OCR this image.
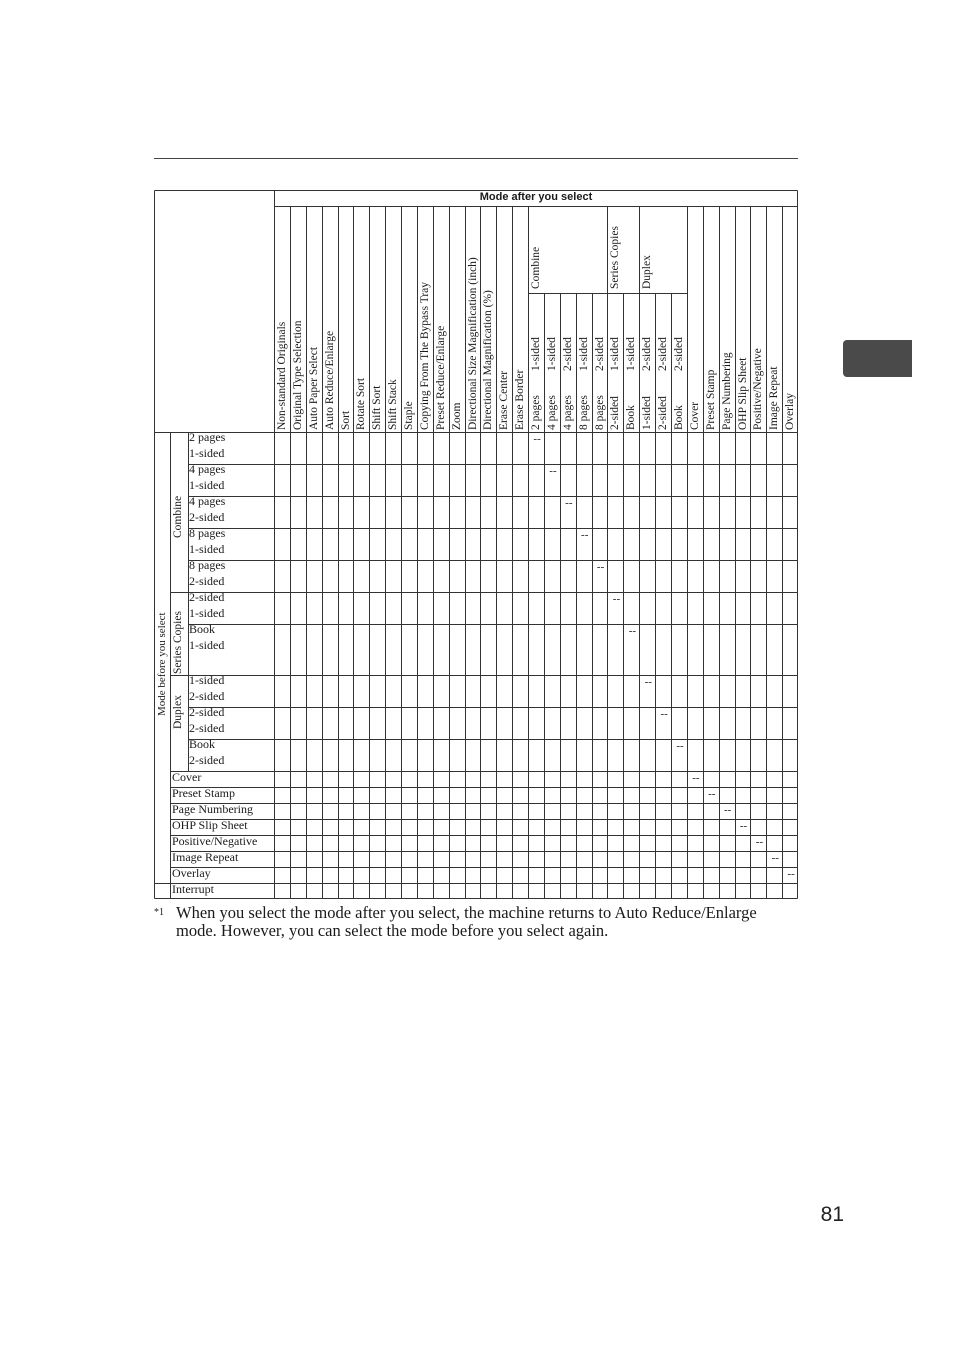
Mode after you select
Non-standard Originals Original Type Selection Auto Paper Select Auto Reduce/Enlarge Sort Rotate Sort Shift Sort Shift Stack Staple Copying From The Bypass Tray Preset Reduce/Enlarge Zoom Directional Size Magnification (inch) Directional Magnification (%) Erase Center Erase Border
Combine	Series Copies Duplex
2 pages
1-sided
4 pages
1-sided
4 pages
2-sided
8 pages
1-sided
8 pages
2-sided
2-sided
1-sided
Book
1-sided
1-sided
2-sided
2-sided
2-sided
Book
2-sided
Cover Preset Stamp Page Numbering OHP Slip Sheet Positive/Negative Image Repeat Overlay
Mode before you select
Combine
Series Copies
Duplex
2 pages
1-sided
4 pages
1-sided
4 pages
2-sided
8 pages
1-sided
8 pages
2-sided
2-sided
1-sided
Book
1-sided
1-sided
2-sided
2-sided
2-sided
Book
2-sided
Cover
Preset Stamp
Page Numbering
OHP Slip Sheet
Positive/Negative
Image Repeat
Overlay
Interrupt
--
--
--
--
--
--
--
--
--
--
--
--
--
--
--
--
--
*1 When you select the mode after you select, the machine returns to Auto Reduce/Enlarge mode. However, you can select the mode before you select again.
81
